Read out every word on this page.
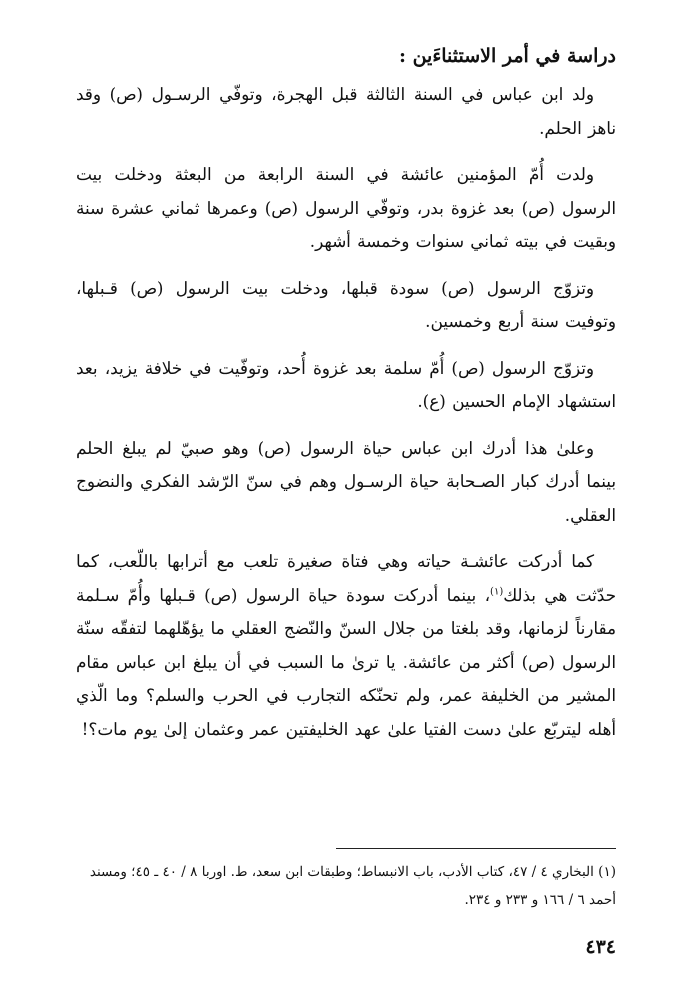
دراسة في أمر الاستثناءَين :

ولد ابن عباس في السنة الثالثة قبل الهجرة، وتوفّي الرسـول (ص) وقد ناهز الحلم.

ولدت أُمّ المؤمنين عائشة في السنة الرابعة من البعثة ودخلت بيت الرسول (ص) بعد غزوة بدر، وتوفّي الرسول (ص) وعمرها ثماني عشرة سنة وبقيت في بيته ثماني سنوات وخمسة أشهر.

وتزوّج الرسول (ص) سودة قبلها، ودخلت بيت الرسول (ص) قـبلها، وتوفيت سنة أربع وخمسين.

وتزوّج الرسول (ص) أُمّ سلمة بعد غزوة أُحد، وتوفّيت في خلافة يزيد، بعد استشهاد الإمام الحسين (ع).

وعلىٰ هذا أدرك ابن عباس حياة الرسول (ص) وهو صبيّ لم يبلغ الحلم بينما أدرك كبار الصـحابة حياة الرسـول وهم في سنّ الرّشد الفكري والنضوج العقلي.

كما أدركت عائشـة حياته وهي فتاة صغيرة تلعب مع أترابها باللّعب، كما حدّثت هي بذلك$^{(١)}$، بينما أدركت سودة حياة الرسول (ص) قـبلها وأُمّ سـلمة مقارناً لزمانها، وقد بلغتا من جلال السنّ والنّضج العقلي ما يؤهّلهما لتفقّه سنّة الرسول (ص) أكثر من عائشة. يا ترىٰ ما السبب في أن يبلغ ابن عباس مقام المشير من الخليفة عمر، ولم تحنّكه التجارب في الحرب والسلم؟ وما الّذي أهله ليتربّع علىٰ دست الفتيا علىٰ عهد الخليفتين عمر وعثمان إلىٰ يوم مات؟!

(١) البخاري ٤ / ٤٧، كتاب الأدب، باب الانبساط؛ وطبقات ابن سعد، ط. اوربا ٨ / ٤٠ ـ ٤٥؛ ومسند أحمد ٦ / ١٦٦ و ٢٣٣ و ٢٣٤.
٤٣٤
